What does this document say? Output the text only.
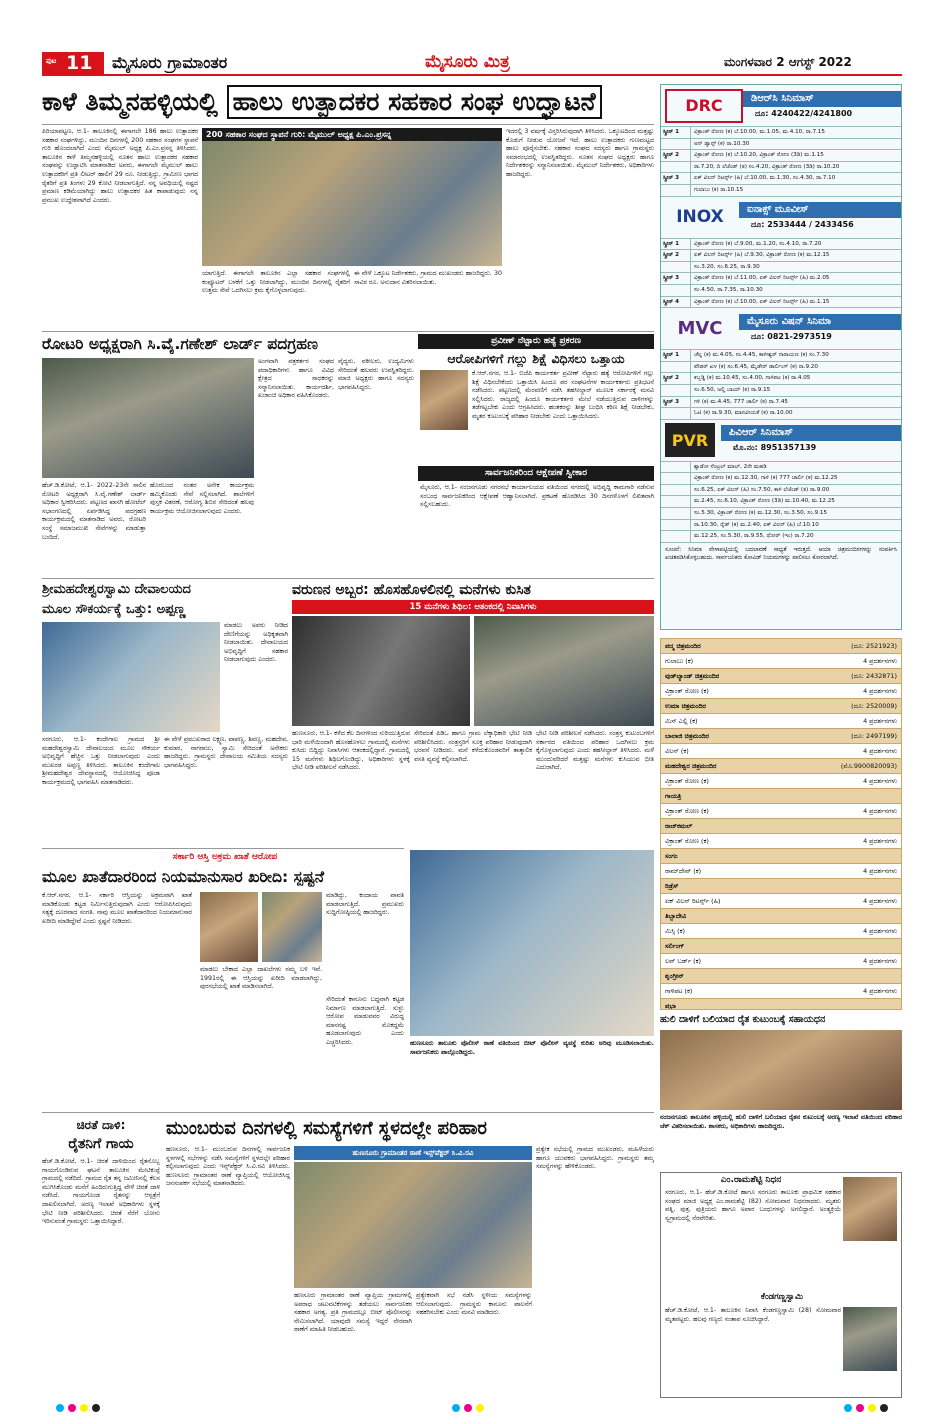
ಪುಟ 11 ಮೈಸೂರು ಗ್ರಾಮಾಂತರ	ಮೈಸೂರು ಮಿತ್ರ	ಮಂಗಳವಾರ 2 ಆಗಸ್ಟ್ 2022
ಕಾಳೆ ತಿಮ್ಮನಹಳ್ಳಿಯಲ್ಲಿ ಹಾಲು ಉತ್ಪಾದಕರ ಸಹಕಾರ ಸಂಘ ಉದ್ಘಾಟನೆ
ಪಿರಿಯಾಪಟ್ಟಣ, ಆ.1- ತಾಲೂಕಿನಲ್ಲಿ ಈಗಾಗಲೇ 186 ಹಾಲು ಉತ್ಪಾದಕರ ಸಹಕಾರ ಸಂಘಗಳಿದ್ದು, ಮುಂದಿನ ದಿನಗಳಲ್ಲಿ 200 ಸಹಕಾರ ಸಂಘಗಳ ಸ್ಥಾಪನೆ ಗುರಿ ಹೊಂದಲಾಗಿದೆ ಎಂದು ಮೈಮುಲ್ ಅಧ್ಯಕ್ಷ ಪಿ.ಎಂ.ಪ್ರಸನ್ನ ತಿಳಿಸಿದರು. ತಾಲೂಕಿನ ಕಾಳೆ ತಿಮ್ಮನಹಳ್ಳಿಯಲ್ಲಿ ನೂತನ ಹಾಲು ಉತ್ಪಾದಕರ ಸಹಕಾರ ಸಂಘವನ್ನು ಉದ್ಘಾಟಿಸಿ ಮಾತನಾಡಿದ ಅವರು, ಈಗಾಗಲೇ ಮೈಮುಲ್ ಹಾಲು ಉತ್ಪಾದಕರಿಗೆ ಪ್ರತಿ ಲೀಟರ್ ಹಾಲಿಗೆ 29 ರೂ. ನೀಡುತ್ತಿದ್ದು, ಗ್ರಾಮೀಣ ಭಾಗದ ರೈತರಿಗೆ ಪ್ರತಿ ತಿಂಗಳು 29 ಕೋಟಿ ನೀಡಲಾಗುತ್ತಿದೆ. ನನ್ನ ಅವಧಿಯಲ್ಲಿ ನಷ್ಟದ ಪ್ರಮಾಣ ಕಡಿಮೆಯಾಗಿದ್ದು ಹಾಲು ಉತ್ಪಾದಕರ ಹಿತ ಕಾಪಾಡುವುದು ನನ್ನ ಪ್ರಮುಖ ಉದ್ದೇಶವಾಗಿದೆ ಎಂದರು.
200 ಸಹಕಾರ ಸಂಘದ ಸ್ಥಾಪನೆ ಗುರಿ: ಮೈಮುಲ್ ಅಧ್ಯಕ್ಷ ಪಿ.ಎಂ.ಪ್ರಸನ್ನ
ಯಾಗುತ್ತಿದೆ. ಈಗಾಗಲೇ ತಾಲೂಕಿನ ಎಲ್ಲಾ ಸಹಕಾರ ಸಂಘಗಳಲ್ಲಿ ಕಂಪ್ಯೂಟರ್ ಬಳಕೆಗೆ ಒತ್ತು ನೀಡಲಾಗಿದ್ದು, ಮುಂದಿನ ದಿನಗಳಲ್ಲಿ ರೈತರಿಗೆ ಉತ್ತಮ ಸೇವೆ ಒದಗಿಸಲು ಕ್ರಮ ಕೈಗೊಳ್ಳಲಾಗುವುದು.
ಈ ವೇಳೆ ಒಕ್ಕೂಟ ನಿರ್ದೇಶಕರು, ಗ್ರಾಮದ ಮುಖಂಡರು ಹಾಜರಿದ್ದರು. 30 ಸಾವಿರ ರೂ. ಅನುದಾನ ವಿತರಿಸಲಾಯಿತು.
ಇದರಲ್ಲಿ 3 ವರ್ಷಕ್ಕೆ ವಿಸ್ತರಿಸಿರುವುದಾಗಿ ತಿಳಿಸಿದರು. ಒಕ್ಕೂಟದಿಂದ ಮತ್ತಷ್ಟು ಕೊಡುಗೆ ನೀಡುವ ಯೋಜನೆ ಇದೆ. ಹಾಲು ಉತ್ಪಾದಕರು ಗುಣಮಟ್ಟದ ಹಾಲು ಪೂರೈಸಬೇಕು. ಸಹಕಾರ ಸಂಘದ ಸದಸ್ಯರು ಹಾಗೂ ಗ್ರಾಮಸ್ಥರು ಸಮಾರಂಭದಲ್ಲಿ ಉಪಸ್ಥಿತರಿದ್ದರು. ನೂತನ ಸಂಘದ ಅಧ್ಯಕ್ಷರು ಹಾಗೂ ನಿರ್ದೇಶಕರನ್ನು ಸನ್ಮಾನಿಸಲಾಯಿತು. ಮೈಮುಲ್ ನಿರ್ದೇಶಕರು, ಅಧಿಕಾರಿಗಳು ಹಾಜರಿದ್ದರು.
ರೋಟರಿ ಅಧ್ಯಕ್ಷರಾಗಿ ಸಿ.ವೈ.ಗಣೇಶ್ ಲಾರ್ಡ್ ಪದಗ್ರಹಣ
ಹೆಚ್.ಡಿ.ಕೋಟೆ, ಆ.1- 2022-23ನೇ ಸಾಲಿನ ರೋಟರಿ ಅಧ್ಯಕ್ಷರಾಗಿ ಸಿ.ವೈ.ಗಣೇಶ್ ಲಾರ್ಡ್ ಅಧಿಕಾರ ಸ್ವೀಕರಿಸಿದರು. ಪಟ್ಟಣದ ಖಾಸಗಿ ಹೋಟೆಲ್ ಸಭಾಂಗಣದಲ್ಲಿ ಏರ್ಪಡಿಸಿದ್ದ ಪದಗ್ರಹಣ ಕಾರ್ಯಕ್ರಮದಲ್ಲಿ ಮಾತನಾಡಿದ ಅವರು, ರೋಟರಿ ಸಂಸ್ಥೆ ಸಮಾಜಮುಖಿ ಸೇವೆಗಳನ್ನು ಮಾಡುತ್ತಾ ಬಂದಿದೆ.
ಹೊರಬಂದ ನಂತರ ಅನೇಕ ಕಾರ್ಯಕ್ರಮ ಹಮ್ಮಿಕೊಂಡು ಸೇವೆ ಸಲ್ಲಿಸಲಾಗಿದೆ. ಶಾಲೆಗಳಿಗೆ ಪುಸ್ತಕ ವಿತರಣೆ, ಆರೋಗ್ಯ ಶಿಬಿರ ಸೇರಿದಂತೆ ಹಲವು ಕಾರ್ಯಕ್ರಮ ಆಯೋಜಿಸಲಾಗುವುದು ಎಂದರು.
ಅಂಗವಾಗಿ ಪತ್ರಕರ್ತರ ಸಂಘದ ಪದಾಧಿಕಾರಿಗಳು ಹಾಗೂ ವಿವಿಧ ಕ್ಷೇತ್ರದ ಸಾಧಕರನ್ನು ಸನ್ಮಾನಿಸಲಾಯಿತು. ಕಾರ್ಯದರ್ಶಿ, ಖಜಾಂಚಿ ಅಧಿಕಾರ ವಹಿಸಿಕೊಂಡರು.
ವೈದ್ಯರು, ವಕೀಲರು, ಉದ್ಯಮಿಗಳು ಸೇರಿದಂತೆ ಹಲವರು ಉಪಸ್ಥಿತರಿದ್ದರು. ಮಾಜಿ ಅಧ್ಯಕ್ಷರು ಹಾಗೂ ಸದಸ್ಯರು ಭಾಗವಹಿಸಿದ್ದರು.
ಪ್ರವೀಣ್ ನೆಟ್ಟಾರು ಹತ್ಯೆ ಪ್ರಕರಣ
ಆರೋಪಿಗಳಿಗೆ ಗಲ್ಲು ಶಿಕ್ಷೆ ವಿಧಿಸಲು ಒತ್ತಾಯ
ಕೆ.ಆರ್.ನಗರ, ಆ.1- ಬಿಜೆಪಿ ಕಾರ್ಯಕರ್ತ ಪ್ರವೀಣ್ ನೆಟ್ಟಾರು ಹತ್ಯೆ ಆರೋಪಿಗಳಿಗೆ ಗಲ್ಲು ಶಿಕ್ಷೆ ವಿಧಿಸಬೇಕೆಂದು ಒತ್ತಾಯಿಸಿ ಹಿಂದೂ ಪರ ಸಂಘಟನೆಗಳ ಕಾರ್ಯಕರ್ತರು ಪ್ರತಿಭಟನೆ ನಡೆಸಿದರು. ಪಟ್ಟಣದಲ್ಲಿ ಮೆರವಣಿಗೆ ನಡೆಸಿ ತಹಸೀಲ್ದಾರ್ ಮೂಲಕ ಸರ್ಕಾರಕ್ಕೆ ಮನವಿ ಸಲ್ಲಿಸಿದರು. ರಾಜ್ಯದಲ್ಲಿ ಹಿಂದೂ ಕಾರ್ಯಕರ್ತರ ಮೇಲೆ ನಡೆಯುತ್ತಿರುವ ದಾಳಿಗಳನ್ನು ತಡೆಗಟ್ಟಬೇಕು ಎಂದು ಆಗ್ರಹಿಸಿದರು. ಹಂತಕರನ್ನು ಶೀಘ್ರ ಬಂಧಿಸಿ ಕಠಿಣ ಶಿಕ್ಷೆ ನೀಡಬೇಕು, ಮೃತರ ಕುಟುಂಬಕ್ಕೆ ಪರಿಹಾರ ನೀಡಬೇಕು ಎಂದು ಒತ್ತಾಯಿಸಿದರು.
ಸಾರ್ವಜನಿಕರಿಂದ ಆಕ್ಷೇಪಣೆ ಸ್ವೀಕಾರ
ಮೈಸೂರು, ಆ.1- ನಂಜನಗೂಡು ನಗರಸಭೆ ಕಾರ್ಯಾಲಯದ ವತಿಯಿಂದ ನಗರದಲ್ಲಿ ಅಭಿವೃದ್ಧಿ ಕಾಮಗಾರಿ ನಡೆಸುವ ಸಂಬಂಧ ಸಾರ್ವಜನಿಕರಿಂದ ಆಕ್ಷೇಪಣೆ ಆಹ್ವಾನಿಸಲಾಗಿದೆ. ಪ್ರಕಟಣೆ ಹೊರಡಿಸಿದ 30 ದಿನಗಳೊಳಗೆ ಲಿಖಿತವಾಗಿ ಸಲ್ಲಿಸಬಹುದು.
ಶ್ರೀಮಹದೇಶ್ವರಸ್ವಾಮಿ ದೇವಾಲಯದ
ಮೂಲ ಸೌಕರ್ಯಕ್ಕೆ ಒತ್ತು: ಅಪ್ಪಣ್ಣ
ಮಾಡಲು ಅವರು ನೀಡಿದ ದೇಣಿಗೆಯನ್ನು ಅಧಿಕೃತವಾಗಿ ನೀಡಲಾಯಿತು. ದೇವಾಲಯದ ಅಭಿವೃದ್ಧಿಗೆ ಸಹಕಾರ ನೀಡಲಾಗುವುದು ಎಂದರು.
ಸರಗೂರು, ಆ.1- ಕಂದೇಗಾಲ ಗ್ರಾಮದ ಶ್ರೀ ಮಹದೇಶ್ವರಸ್ವಾಮಿ ದೇವಾಲಯದ ಮೂಲ ಸೌಕರ್ಯ ಅಭಿವೃದ್ಧಿಗೆ ಹೆಚ್ಚಿನ ಒತ್ತು ನೀಡಲಾಗುವುದು ಎಂದು ಮುಖಂಡ ಅಪ್ಪಣ್ಣ ತಿಳಿಸಿದರು. ತಾಲೂಕಿನ ಕಂದೇಗಾಲ ಶ್ರೀಮಹದೇಶ್ವರ ದೇವಸ್ಥಾನದಲ್ಲಿ ಆಯೋಜಿಸಿದ್ದ ಪೂಜಾ ಕಾರ್ಯಕ್ರಮದಲ್ಲಿ ಭಾಗವಹಿಸಿ ಮಾತನಾಡಿದರು.
ಈ ವೇಳೆ ಪ್ರಮುಖರಾದ ಲಕ್ಷ್ಮಣ, ಪಾಪಣ್ಣ, ಶಿವಣ್ಣ, ಮಹದೇವ, ಕುಮಾರ, ನಾಗರಾಜು, ಸ್ವಾಮಿ ಸೇರಿದಂತೆ ಅನೇಕರು ಹಾಜರಿದ್ದರು. ಗ್ರಾಮಸ್ಥರು ದೇವಾಲಯ ಸಮಿತಿಯ ಸದಸ್ಯರು ಭಾಗವಹಿಸಿದ್ದರು.
ವರುಣನ ಅಬ್ಬರ: ಹೊಸಹೊಳಲಿನಲ್ಲಿ ಮನೆಗಳು ಕುಸಿತ
15 ಮನೆಗಳು ಶಿಥಿಲ: ಆತಂಕದಲ್ಲಿ ನಿವಾಸಿಗಳು
ಹುಣಸೂರು, ಆ.1- ಕಳೆದ ಕೆಲ ದಿನಗಳಿಂದ ಸುರಿಯುತ್ತಿರುವ ಭಾರಿ ಮಳೆಯಿಂದಾಗಿ ಹೊಸಹೊಳಲು ಗ್ರಾಮದಲ್ಲಿ ಮನೆಗಳು ಕುಸಿದು ಬಿದ್ದಿದ್ದು ನಿವಾಸಿಗಳು ಆತಂಕದಲ್ಲಿದ್ದಾರೆ. ಗ್ರಾಮದಲ್ಲಿ 15 ಮನೆಗಳು ಶಿಥಿಲಗೊಂಡಿದ್ದು, ಅಧಿಕಾರಿಗಳು ಸ್ಥಳಕ್ಕೆ ಭೇಟಿ ನೀಡಿ ಪರಿಶೀಲನೆ ನಡೆಸಿದರು.
ಸೇರಿದಂತೆ ಪಿಡಿಒ ಹಾಗೂ ಗ್ರಾಮ ಲೆಕ್ಕಾಧಿಕಾರಿ ಭೇಟಿ ನೀಡಿ ಪರಿಶೀಲಿಸಿದರು. ಸಂತ್ರಸ್ತರಿಗೆ ಸೂಕ್ತ ಪರಿಹಾರ ನೀಡುವುದಾಗಿ ಭರವಸೆ ನೀಡಿದರು. ಮನೆ ಕಳೆದುಕೊಂಡವರಿಗೆ ತಾತ್ಕಾಲಿಕ ವಸತಿ ವ್ಯವಸ್ಥೆ ಕಲ್ಪಿಸಲಾಗಿದೆ.
ಭೇಟಿ ನೀಡಿ ಪರಿಶೀಲನೆ ನಡೆಸಿದರು. ಸಂತ್ರಸ್ತ ಕುಟುಂಬಗಳಿಗೆ ಸರ್ಕಾರದ ವತಿಯಿಂದ ಪರಿಹಾರ ಒದಗಿಸಲು ಕ್ರಮ ಕೈಗೊಳ್ಳಲಾಗುವುದು ಎಂದು ತಹಸೀಲ್ದಾರ್ ತಿಳಿಸಿದರು. ಮಳೆ ಮುಂದುವರಿದರೆ ಮತ್ತಷ್ಟು ಮನೆಗಳು ಕುಸಿಯುವ ಭೀತಿ ಎದುರಾಗಿದೆ.
ಸರ್ಕಾರಿ ಆಸ್ತಿ ಅಕ್ರಮ ಖಾತೆ ಆರೋಪ
ಮೂಲ ಖಾತೆದಾರರಿಂದ ನಿಯಮಾನುಸಾರ ಖರೀದಿ: ಸ್ಪಷ್ಟನೆ
ಕೆ.ಆರ್.ನಗರ, ಆ.1- ಸರ್ಕಾರಿ ಆಸ್ತಿಯನ್ನು ಅಕ್ರಮವಾಗಿ ಖಾತೆ ಮಾಡಿಕೊಂಡು ಕಟ್ಟಡ ನಿರ್ಮಿಸುತ್ತಿರುವುದಾಗಿ ಎಂದು ಆರೋಪಿಸಿರುವುದು ಸತ್ಯಕ್ಕೆ ದೂರವಾದ ಸಂಗತಿ. ನಾವು ಮೂಲ ಖಾತೆದಾರರಿಂದ ನಿಯಮಾನುಸಾರ ಖರೀದಿ ಮಾಡಿದ್ದೇವೆ ಎಂದು ಸ್ಪಷ್ಟನೆ ನೀಡಿದರು.
ಮಾಡಲು ಬೇಕಾದ ಎಲ್ಲಾ ದಾಖಲೆಗಳು ನಮ್ಮ ಬಳಿ ಇವೆ. 1991ರಲ್ಲಿ ಈ ಆಸ್ತಿಯನ್ನು ಖರೀದಿ ಮಾಡಲಾಗಿದ್ದು, ಪುರಸಭೆಯಲ್ಲಿ ಖಾತೆ ಮಾಡಿಸಲಾಗಿದೆ.
ಮಾಡಿದ್ದು, ಕಂದಾಯ ಪಾವತಿ ಮಾಡಲಾಗುತ್ತಿದೆ. ಪ್ರಮುಖರು ಸುದ್ದಿಗೋಷ್ಠಿಯಲ್ಲಿ ಹಾಜರಿದ್ದರು.
ಸೇರಿದಂತೆ ಕಾನೂನು ಬದ್ಧವಾಗಿ ಕಟ್ಟಡ ನಿರ್ಮಾಣ ಮಾಡಲಾಗುತ್ತಿದೆ. ಸುಳ್ಳು ಆರೋಪ ಮಾಡುವವರ ವಿರುದ್ಧ ಮಾನನಷ್ಟ ಮೊಕದ್ದಮೆ ಹೂಡಲಾಗುವುದು ಎಂದು ಎಚ್ಚರಿಸಿದರು.	ಹುಣಸೂರು ತಾಲೂಕು ಪೊಲೀಸ್ ಠಾಣೆ ವತಿಯಿಂದ ಬೀಟ್ ಪೊಲೀಸ್ ವ್ಯವಸ್ಥೆ ಕುರಿತು ಅರಿವು ಮೂಡಿಸಲಾಯಿತು. ಸಾರ್ವಜನಿಕರು ಪಾಲ್ಗೊಂಡಿದ್ದರು.
ಚಿರತೆ ದಾಳಿ:
ರೈತನಿಗೆ ಗಾಯ
ಹೆಚ್.ಡಿ.ಕೋಟೆ, ಆ.1- ಚಿರತೆ ದಾಳಿಯಿಂದ ರೈತನೊಬ್ಬ ಗಾಯಗೊಂಡಿರುವ ಘಟನೆ ತಾಲೂಕಿನ ಮೇಟಿಕುಪ್ಪೆ ಗ್ರಾಮದಲ್ಲಿ ನಡೆದಿದೆ. ಗ್ರಾಮದ ರೈತ ತನ್ನ ಜಮೀನಿನಲ್ಲಿ ಕೆಲಸ ಮುಗಿಸಿಕೊಂಡು ಮನೆಗೆ ಹಿಂದಿರುಗುತ್ತಿದ್ದ ವೇಳೆ ಚಿರತೆ ದಾಳಿ ನಡೆಸಿದೆ. ಗಾಯಗೊಂಡ ರೈತನನ್ನು ಆಸ್ಪತ್ರೆಗೆ ದಾಖಲಿಸಲಾಗಿದೆ. ಅರಣ್ಯ ಇಲಾಖೆ ಅಧಿಕಾರಿಗಳು ಸ್ಥಳಕ್ಕೆ ಭೇಟಿ ನೀಡಿ ಪರಿಶೀಲಿಸಿದರು. ಚಿರತೆ ಸೆರೆಗೆ ಬೋನು ಇರಿಸುವಂತೆ ಗ್ರಾಮಸ್ಥರು ಒತ್ತಾಯಿಸಿದ್ದಾರೆ.
ಮುಂಬರುವ ದಿನಗಳಲ್ಲಿ ಸಮಸ್ಯೆಗಳಿಗೆ ಸ್ಥಳದಲ್ಲೇ ಪರಿಹಾರ
ಹಣಸೂರು, ಆ.1- ಮುಂಬರುವ ದಿನಗಳಲ್ಲಿ ಸಾರ್ವಜನಿಕ ಸ್ಥಳಗಳಲ್ಲಿ ಸಭೆಗಳನ್ನು ನಡೆಸಿ ಸಮಸ್ಯೆಗಳಿಗೆ ಸ್ಥಳದಲ್ಲೇ ಪರಿಹಾರ ಕಲ್ಪಿಸಲಾಗುವುದು ಎಂದು ಇನ್ಸ್‌ಪೆಕ್ಟರ್ ಸಿ.ವಿ.ರವಿ ತಿಳಿಸಿದರು. ಹುಣಸೂರು ಗ್ರಾಮಾಂತರ ಠಾಣೆ ವ್ಯಾಪ್ತಿಯಲ್ಲಿ ಆಯೋಜಿಸಿದ್ದ ಜನಸಂಪರ್ಕ ಸಭೆಯಲ್ಲಿ ಮಾತನಾಡಿದರು.
ಹುಣಸೂರು ಗ್ರಾಮಾಂತರ ಠಾಣೆ ಇನ್ಸ್‌ಪೆಕ್ಟರ್ ಸಿ.ವಿ.ರವಿ
ಹಣಸೂರು ಗ್ರಾಮಾಂತರ ಠಾಣೆ ವ್ಯಾಪ್ತಿಯ ಗ್ರಾಮಗಳಲ್ಲಿ ಅಪರಾಧ ಚಟುವಟಿಕೆಗಳನ್ನು ತಡೆಯಲು ಸಾರ್ವಜನಿಕರ ಸಹಕಾರ ಅಗತ್ಯ. ಪ್ರತಿ ಗ್ರಾಮದಲ್ಲೂ ಬೀಟ್ ಪೊಲೀಸರನ್ನು ನೇಮಿಸಲಾಗಿದೆ. ಯಾವುದೇ ಸಮಸ್ಯೆ ಇದ್ದರೆ ನೇರವಾಗಿ ಠಾಣೆಗೆ ಮಾಹಿತಿ ನೀಡಬಹುದು.
ಪ್ರತ್ಯೇಕವಾಗಿ ಸಭೆ ನಡೆಸಿ ಸ್ಥಳೀಯ ಸಮಸ್ಯೆಗಳನ್ನು ಆಲಿಸಲಾಗುವುದು. ಗ್ರಾಮಸ್ಥರು ಕಾನೂನು ಪಾಲನೆಗೆ ಸಹಕರಿಸಬೇಕು ಎಂದು ಮನವಿ ಮಾಡಿದರು.
ಪ್ರತ್ಯೇಕ ಸಭೆಯಲ್ಲಿ ಗ್ರಾಮದ ಮುಖಂಡರು, ಮಹಿಳೆಯರು ಹಾಗೂ ಯುವಕರು ಭಾಗವಹಿಸಿದ್ದರು. ಗ್ರಾಮಸ್ಥರು ತಮ್ಮ ಸಮಸ್ಯೆಗಳನ್ನು ಹೇಳಿಕೊಂಡರು.
DRC	ಡಿಆರ್‌ಸಿ ಸಿನಿಮಾಸ್
ದೂ: 4240422/4241800
ಸ್ಕ್ರೀನ್ 1	ವಿಕ್ರಾಂತ್ ರೋಣ (ಕ) ಬೆ.10.00, ಮ.1.05, ಮ.4.10, ರಾ.7.15
ಅನ್ ಡ್ಯಾನ್ಸ್ (ಕ) ರಾ.10.30
ಸ್ಕ್ರೀನ್ 2	ವಿಕ್ರಾಂತ್ ರೋಣ (ಕ) ಬೆ.10.20, ವಿಕ್ರಾಂತ್ ರೋಣ (3ಡಿ) ಮ.1.15
ರಾ.7.20, ದಿ ಲೆಜೆಂಡ್ (ತ) ಸಂ.4.20, ವಿಕ್ರಾಂತ್ ರೋಣ (3ಡಿ) ರಾ.10.20
ಸ್ಕ್ರೀನ್ 3	ಏಕ್ ವಿಲನ್ ರಿಟರ್ನ್ಸ್ (ಹಿ) ಬೆ.10.00, ಮ.1.30, ಸಂ.4.30, ರಾ.7.10
ಗುಲಾಬು (ಕ) ರಾ.10.15
INOX	ಐನಾಕ್ಸ್ ಮೂವೀಸ್
ದೂ: 2533444 / 2433456
ಸ್ಕ್ರೀನ್ 1	ವಿಕ್ರಾಂತ್ ರೋಣ (ಕ) ಬೆ.9.00, ಮ.1.20, ಸಂ.4.10, ರಾ.7.20
ಸ್ಕ್ರೀನ್ 2	ಏಕ್ ವಿಲನ್ ರಿಟರ್ನ್ಸ್ (ಹಿ) ಬೆ.9.30, ವಿಕ್ರಾಂತ್ ರೋಣ (ಕ) ಮ.12.15
ಸಂ.3.20, ಸಂ.6.25, ರಾ.9.30
ಸ್ಕ್ರೀನ್ 3	ವಿಕ್ರಾಂತ್ ರೋಣ (ಕ) ಬೆ.11.00, ಏಕ್ ವಿಲನ್ ರಿಟರ್ನ್ಸ್ (ಹಿ) ಮ.2.05
ಸಂ.4.50, ರಾ.7.35, ರಾ.10.30
ಸ್ಕ್ರೀನ್ 4	ವಿಕ್ರಾಂತ್ ರೋಣ (ಕ) ಬೆ.10.00, ಏಕ್ ವಿಲನ್ ರಿಟರ್ನ್ಸ್ (ಹಿ) ಮ.1.15
MVC	ಮೈಸೂರು ವಿಷನ್ ಸಿನಿಮಾ
ದೂ: 0821-2973519
ಸ್ಕ್ರೀನ್ 1	ಚೆಲ್ಲ (ಕ) ಮ.4.05, ಸಂ.4.45, ಕಾಳೀಶ್ವರ್ ನಾರಾಯಣ (ಕ) ಸಂ.7.30
ಪೌಡರ್ ಖಳ (ಕ) ಸಂ.6.45, ಮೈಡೇರ್ ಡಾರ್ಲಿಂಗ್ (ಕ) ರಾ.9.20
ಸ್ಕ್ರೀನ್ 2	ಕಬ್ಬಡ್ಡಿ (ಕ) ಮ.10.45, ಸಂ.4.00, ಗಾಳಿಪಟ (ಕ) ರಾ.4.05
ಸಂ.6.50, ಜಲ್ಲಿ ಬಾಯ್ (ಕ) ರಾ.9.15
ಸ್ಕ್ರೀನ್ 3	ಗಳಿ (ಕ) ಮ.4.45, 777 ಚಾರ್ಲಿ (ಕ) ರಾ.7.45
ಓಟಿ (ಕ) ರಾ.9.30, ಮಾನವೀಯತೆ (ಕ) ರಾ.10.00
PVR	ಪಿವಿಆರ್ ಸಿನಿಮಾಸ್
ಮೊ.ನಂ: 8951357139
ಶ್ಯಾಡೋ ಸೆಂಟ್ರಲ್ ಮಾಲ್, 2ನೇ ಮಹಡಿ
ವಿಕ್ರಾಂತ್ ರೋಣ (ಕ) ಮ.12.30, ಗಾಳಿ (ಕ) 777 ಚಾರ್ಲಿ (ಕ) ಮ.12.25
ಸಂ.6.25, ಏಕ್ ವಿಲನ್ (ಹಿ) ಸಂ.7.50, ಕಾಳಿ ಲೆಜೆಂಡ್ (ತ) ರಾ.9.00
ಮ.2.45, ಸಂ.6.10, ವಿಕ್ರಾಂತ್ ರೋಣ (3ಡಿ) ಮ.10.40, ಮ.12.25
ಸಂ.5.30, ವಿಕ್ರಾಂತ್ ರೋಣ (ಕ) ಮ.12.30, ಸಂ.3.50, ಸಂ.9.15
ರಾ.10.30, ರೈಡ್ (ಕ) ಮ.2.40, ಏಕ್ ವಿಲನ್ (ಹಿ) ಬೆ.10.10
ಮ.12.25, ಸಂ.5.30, ರಾ.9.55, ಥೋರ್ (ಇಂ) ರಾ.7.20
ಸೂಚನೆ: ಸಿನಿಮಾ ವೇಳಾಪಟ್ಟಿಯಲ್ಲಿ ಬದಲಾವಣೆ ಸಾಧ್ಯತೆ ಇರುತ್ತದೆ. ಆಯಾ ಚಿತ್ರಮಂದಿರಗಳನ್ನು ಸಂಪರ್ಕಿಸಿ ಖಚಿತಪಡಿಸಿಕೊಳ್ಳಬಹುದು. ಸಾರ್ವಜನಿಕರು ಕೋವಿಡ್ ನಿಯಮಗಳನ್ನು ಪಾಲಿಸಲು ಕೋರಲಾಗಿದೆ.
ಪದ್ಮ ಚಿತ್ರಮಂದಿರ	(ದೂ: 2521923)
ಗುಲಾಬು (ಕ)	4 ಪ್ರದರ್ಶನಗಳು
ವುಡ್‌ಲ್ಯಾಂಡ್ ಚಿತ್ರಮಂದಿರ	(ದೂ: 2432871)
ವಿಕ್ರಾಂತ್ ರೋಣ (ಕ)	4 ಪ್ರದರ್ಶನಗಳು
ಉಮಾ ಚಿತ್ರಮಂದಿರ	(ದೂ: 2520009)
ಮಿಸ್ ಎಲ್ಲಿ (ಕ)	4 ಪ್ರದರ್ಶನಗಳು
ಬಾಲಾಜಿ ಚಿತ್ರಮಂದಿರ	(ದೂ: 2497199)
ವಿಲನ್ (ಕ)	4 ಪ್ರದರ್ಶನಗಳು
ಮಹದೇಶ್ವರ ಚಿತ್ರಮಂದಿರ	(ಮೊ.9900820093)
ವಿಕ್ರಾಂತ್ ರೋಣ (ಕ)	4 ಪ್ರದರ್ಶನಗಳು
ಗಾಯತ್ರಿ
ವಿಕ್ರಾಂತ್ ರೋಣ (ಕ)	4 ಪ್ರದರ್ಶನಗಳು
ರಾಜ್‌ಕಮಲ್
ವಿಕ್ರಾಂತ್ ರೋಣ (ಕ)	4 ಪ್ರದರ್ಶನಗಳು
ಸಂಗಂ
ರಾಮ್‌ದೇವ್ (ಕ)	4 ಪ್ರದರ್ಶನಗಳು
ರಿಡ್ರೆಸ್
ಏಕ್ ವಿಲನ್ ರಿಟರ್ನ್ಸ್ (ಹಿ)	4 ಪ್ರದರ್ಶನಗಳು
ತಿಬ್ಬಾದೇವಿ
ಮಿಸ್ಸಿ (ಕ)	4 ಪ್ರದರ್ಶನಗಳು
ಸರ್ಲಿಂಗ್
ಲವ್ ಬರ್ಡ್ (ಕ)	4 ಪ್ರದರ್ಶನಗಳು
ಶೃಂಗ್ರೀನ್
ಗಾಳಿಪಟ (ಕ)	4 ಪ್ರದರ್ಶನಗಳು
ಪ್ರಭಾ
ಹುಲಿ ದಾಳಿಗೆ ಬಲಿಯಾದ ರೈತ ಕುಟುಂಬಕ್ಕೆ ಸಹಾಯಧನ
ನಂಜನಗೂಡು ತಾಲೂಕಿನ ಹಳ್ಳಿಯಲ್ಲಿ ಹುಲಿ ದಾಳಿಗೆ ಬಲಿಯಾದ ರೈತನ ಕುಟುಂಬಕ್ಕೆ ಅರಣ್ಯ ಇಲಾಖೆ ವತಿಯಿಂದ ಪರಿಹಾರ ಚೆಕ್ ವಿತರಿಸಲಾಯಿತು. ಶಾಸಕರು, ಅಧಿಕಾರಿಗಳು ಹಾಜರಿದ್ದರು.
ಎಂ.ರಾಮಶೆಟ್ಟಿ ನಿಧನ
ಸರಗೂರು, ಆ.1- ಹೆಚ್.ಡಿ.ಕೋಟೆ ಹಾಗೂ ಸರಗೂರು ತಾಲೂಕು ಪ್ರಾಥಮಿಕ ಸಹಕಾರ ಸಂಘದ ಮಾಜಿ ಅಧ್ಯಕ್ಷ ಎಂ.ರಾಮಶೆಟ್ಟಿ (82) ಸೋಮವಾರ ನಿಧನರಾದರು. ಮೃತರು ಪತ್ನಿ, ಪುತ್ರ, ಪುತ್ರಿಯರು ಹಾಗೂ ಅಪಾರ ಬಂಧುಗಳನ್ನು ಅಗಲಿದ್ದಾರೆ. ಅಂತ್ಯಕ್ರಿಯೆ ಸ್ವಗ್ರಾಮದಲ್ಲಿ ನೆರವೇರಿತು.
ಕೆಂಡಗಣ್ಣಸ್ವಾಮಿ
ಹೆಚ್.ಡಿ.ಕೋಟೆ, ಆ.1- ತಾಲೂಕಿನ ನಿವಾಸಿ ಕೆಂಡಗಣ್ಣಸ್ವಾಮಿ (28) ಸೋಮವಾರ ಮೃತಪಟ್ಟರು. ಹಲವು ಗಣ್ಯರು ಸಂತಾಪ ಸೂಚಿಸಿದ್ದಾರೆ.
